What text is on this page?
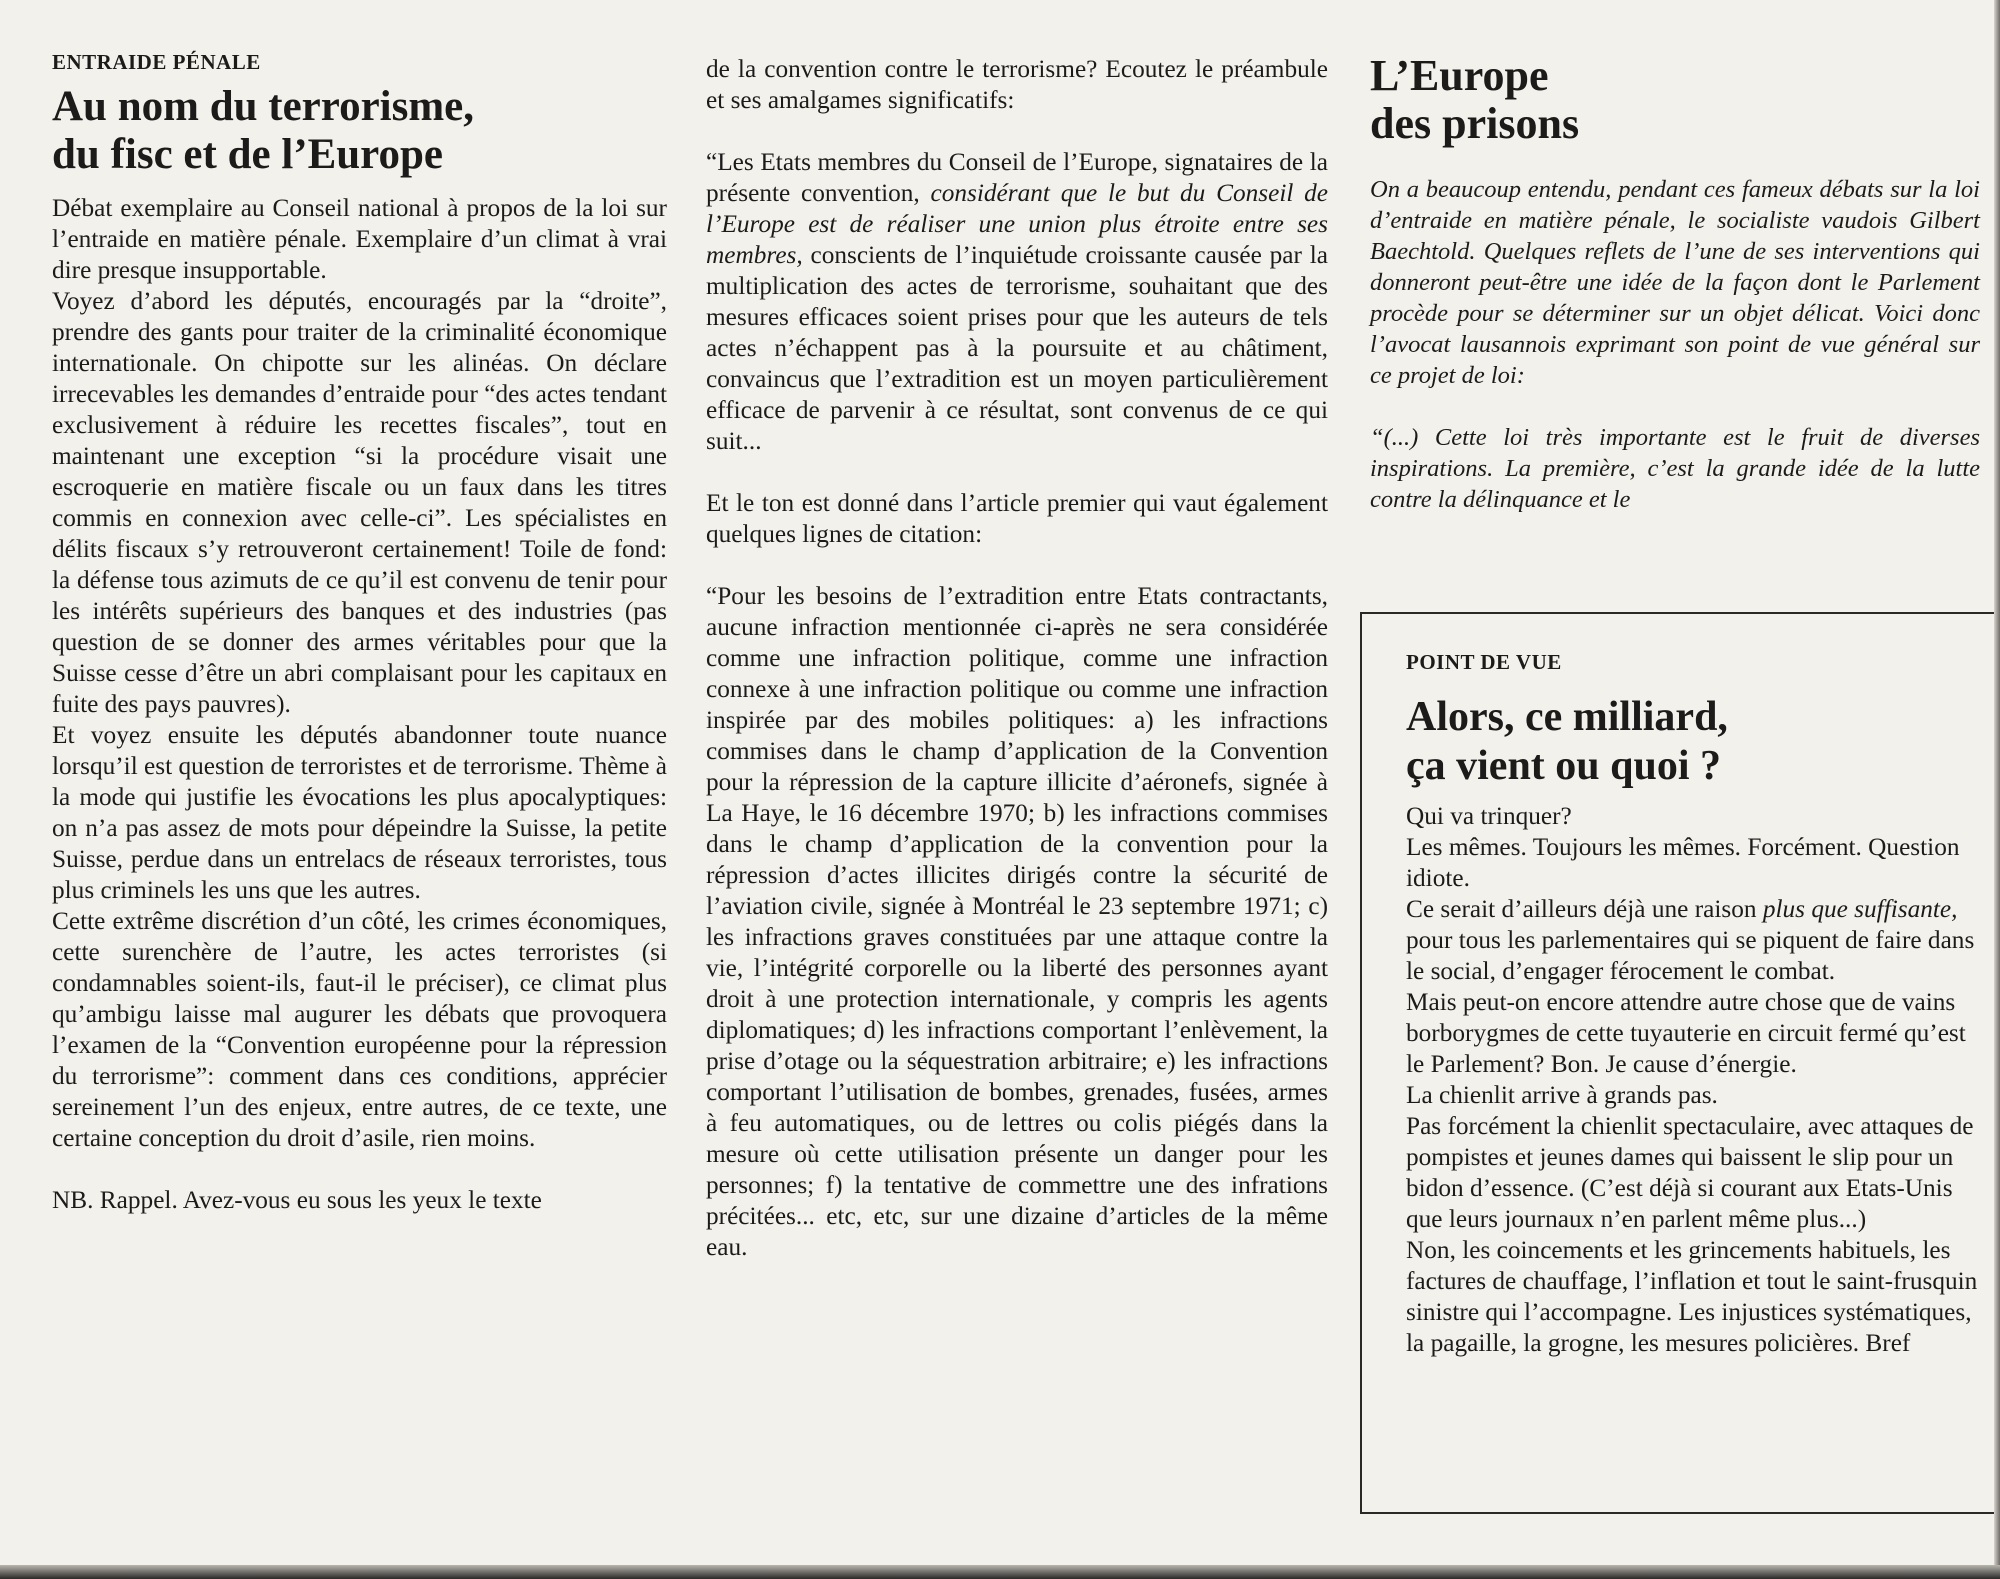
ENTRAIDE PÉNALE
Au nom du terrorisme,
du fisc et de l’Europe

Débat exemplaire au Conseil national à propos de la loi sur l’entraide en matière pénale. Exemplaire d’un climat à vrai dire presque insupportable.

Voyez d’abord les députés, encouragés par la “droite”, prendre des gants pour traiter de la criminalité économique internationale. On chipotte sur les alinéas. On déclare irrecevables les demandes d’entraide pour “des actes tendant exclusivement à réduire les recettes fiscales”, tout en maintenant une exception “si la procédure visait une escroquerie en matière fiscale ou un faux dans les titres commis en connexion avec celle-ci”. Les spécialistes en délits fiscaux s’y retrouveront certainement! Toile de fond: la défense tous azimuts de ce qu’il est convenu de tenir pour les intérêts supérieurs des banques et des industries (pas question de se donner des armes véritables pour que la Suisse cesse d’être un abri complaisant pour les capitaux en fuite des pays pauvres).

Et voyez ensuite les députés abandonner toute nuance lorsqu’il est question de terroristes et de terrorisme. Thème à la mode qui justifie les évocations les plus apocalyptiques: on n’a pas assez de mots pour dépeindre la Suisse, la petite Suisse, perdue dans un entrelacs de réseaux terroristes, tous plus criminels les uns que les autres.

Cette extrême discrétion d’un côté, les crimes économiques, cette surenchère de l’autre, les actes terroristes (si condamnables soient-ils, faut-il le préciser), ce climat plus qu’ambigu laisse mal augurer les débats que provoquera l’examen de la “Convention européenne pour la répression du terrorisme”: comment dans ces conditions, apprécier sereinement l’un des enjeux, entre autres, de ce texte, une certaine conception du droit d’asile, rien moins.

NB. Rappel. Avez-vous eu sous les yeux le texte

de la convention contre le terrorisme? Ecoutez le préambule et ses amalgames significatifs:

“Les Etats membres du Conseil de l’Europe, signataires de la présente convention, considérant que le but du Conseil de l’Europe est de réaliser une union plus étroite entre ses membres, conscients de l’inquiétude croissante causée par la multiplication des actes de terrorisme, souhaitant que des mesures efficaces soient prises pour que les auteurs de tels actes n’échappent pas à la poursuite et au châtiment, convaincus que l’extradition est un moyen particulièrement efficace de parvenir à ce résultat, sont convenus de ce qui suit...

Et le ton est donné dans l’article premier qui vaut également quelques lignes de citation:

“Pour les besoins de l’extradition entre Etats contractants, aucune infraction mentionnée ci-après ne sera considérée comme une infraction politique, comme une infraction connexe à une infraction politique ou comme une infraction inspirée par des mobiles politiques: a) les infractions commises dans le champ d’application de la Convention pour la répression de la capture illicite d’aéronefs, signée à La Haye, le 16 décembre 1970; b) les infractions commises dans le champ d’application de la convention pour la répression d’actes illicites dirigés contre la sécurité de l’aviation civile, signée à Montréal le 23 septembre 1971; c) les infractions graves constituées par une attaque contre la vie, l’intégrité corporelle ou la liberté des personnes ayant droit à une protection internationale, y compris les agents diplomatiques; d) les infractions comportant l’enlèvement, la prise d’otage ou la séquestration arbitraire; e) les infractions comportant l’utilisation de bombes, grenades, fusées, armes à feu automatiques, ou de lettres ou colis piégés dans la mesure où cette utilisation présente un danger pour les personnes; f) la tentative de commettre une des infrations précitées... etc, etc, sur une dizaine d’articles de la même eau.

L’Europe
des prisons

On a beaucoup entendu, pendant ces fameux débats sur la loi d’entraide en matière pénale, le socialiste vaudois Gilbert Baechtold. Quelques reflets de l’une de ses interventions qui donneront peut-être une idée de la façon dont le Parlement procède pour se déterminer sur un objet délicat. Voici donc l’avocat lausannois exprimant son point de vue général sur ce projet de loi:

“(...) Cette loi très importante est le fruit de diverses inspirations. La première, c’est la grande idée de la lutte contre la délinquance et le

POINT DE VUE
Alors, ce milliard,
ça vient ou quoi ?

Qui va trinquer?

Les mêmes. Toujours les mêmes. Forcément. Question idiote.

Ce serait d’ailleurs déjà une raison plus que suffisante, pour tous les parlementaires qui se piquent de faire dans le social, d’engager férocement le combat.

Mais peut-on encore attendre autre chose que de vains borborygmes de cette tuyauterie en circuit fermé qu’est le Parlement? Bon. Je cause d’énergie.

La chienlit arrive à grands pas.

Pas forcément la chienlit spectaculaire, avec attaques de pompistes et jeunes dames qui baissent le slip pour un bidon d’essence. (C’est déjà si courant aux Etats-Unis que leurs journaux n’en parlent même plus...)

Non, les coincements et les grincements habituels, les factures de chauffage, l’inflation et tout le saint-frusquin sinistre qui l’accompagne. Les injustices systématiques, la pagaille, la grogne, les mesures policières. Bref
